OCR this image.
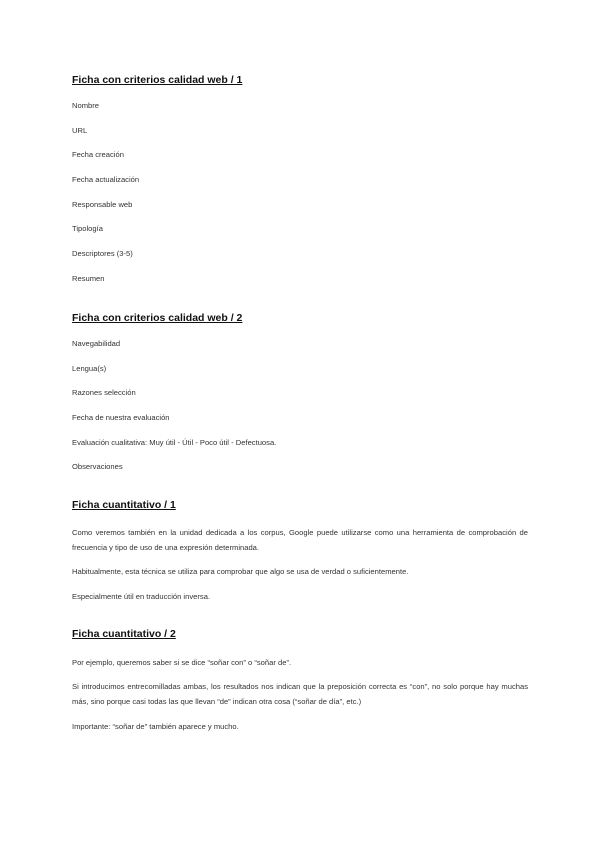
Ficha con criterios calidad web / 1
Nombre
URL
Fecha creación
Fecha actualización
Responsable web
Tipología
Descriptores (3-5)
Resumen
Ficha con criterios calidad web / 2
Navegabilidad
Lengua(s)
Razones selección
Fecha de nuestra evaluación
Evaluación cualitativa: Muy útil - Útil - Poco útil - Defectuosa.
Observaciones
Ficha cuantitativo / 1
Como veremos también en la unidad dedicada a los corpus, Google puede utilizarse como una herramienta de comprobación de frecuencia y tipo de uso de una expresión determinada.
Habitualmente, esta técnica se utiliza para comprobar que algo se usa de verdad o suficientemente.
Especialmente útil en traducción inversa.
Ficha cuantitativo / 2
Por ejemplo, queremos saber si se dice “soñar con” o “soñar de”.
Si introducimos entrecomilladas ambas, los resultados nos indican que la preposición correcta es “con”, no solo porque hay muchas más, sino porque casi todas las que llevan “de” indican otra cosa (“soñar de día”, etc.)
Importante: “soñar de” también aparece y mucho.
